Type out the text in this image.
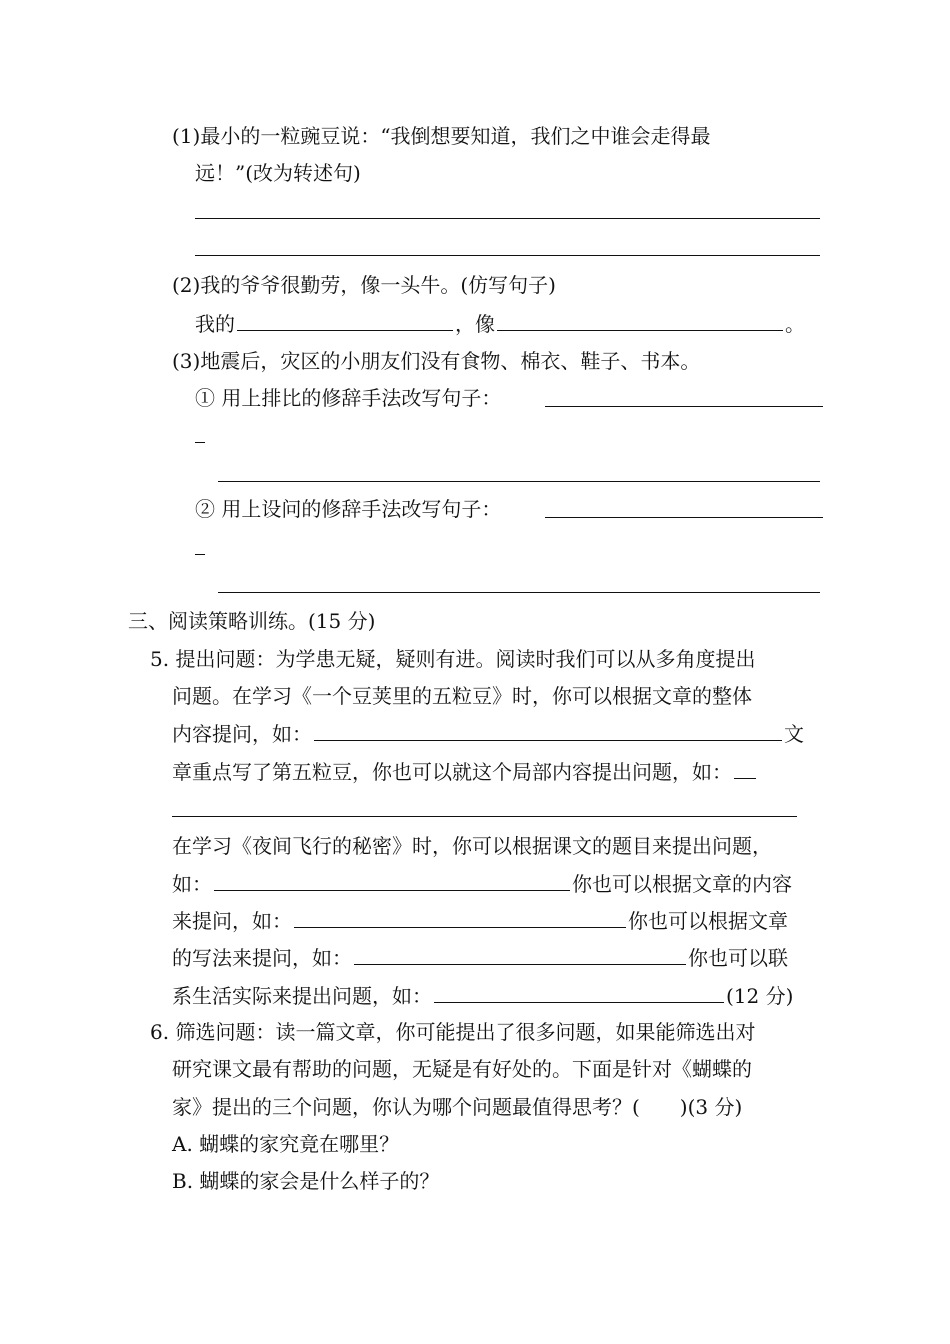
(1)最小的一粒豌豆说：“我倒想要知道，我们之中谁会走得最
远！”(改为转述句)
(2)我的爷爷很勤劳，像一头牛。(仿写句子)
我的	，像	。
(3)地震后，灾区的小朋友们没有食物、棉衣、鞋子、书本。
① 用上排比的修辞手法改写句子：
② 用上设问的修辞手法改写句子：
三、阅读策略训练。(15 分)
5. 提出问题：为学患无疑，疑则有进。阅读时我们可以从多角度提出
问题。在学习《一个豆荚里的五粒豆》时，你可以根据文章的整体
内容提问，如：	文
章重点写了第五粒豆，你也可以就这个局部内容提出问题，如：
在学习《夜间飞行的秘密》时，你可以根据课文的题目来提出问题，
如：	你也可以根据文章的内容
来提问，如：	你也可以根据文章
的写法来提问，如：	你也可以联
系生活实际来提出问题，如：	(12 分)
6. 筛选问题：读一篇文章，你可能提出了很多问题，如果能筛选出对
研究课文最有帮助的问题，无疑是有好处的。下面是针对《蝴蝶的
家》提出的三个问题，你认为哪个问题最值得思考？(　　)(3 分)
A. 蝴蝶的家究竟在哪里？
B. 蝴蝶的家会是什么样子的？
